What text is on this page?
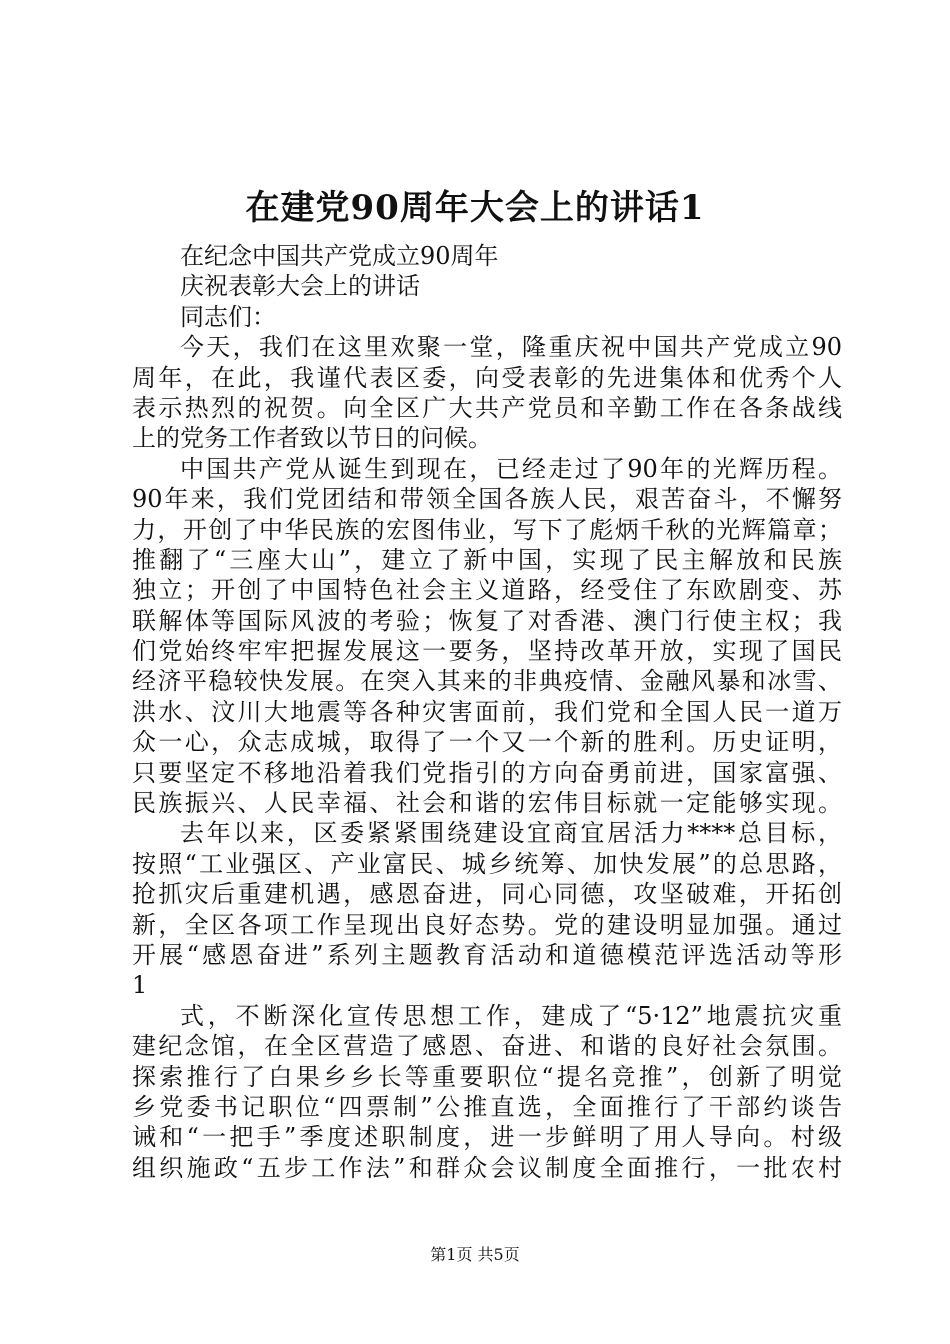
在建党90周年大会上的讲话1
在纪念中国共产党成立90周年
庆祝表彰大会上的讲话
同志们：
今天，我们在这里欢聚一堂，隆重庆祝中国共产党成立90
周年，在此，我谨代表区委，向受表彰的先进集体和优秀个人
表示热烈的祝贺。向全区广大共产党员和辛勤工作在各条战线
上的党务工作者致以节日的问候。
中国共产党从诞生到现在，已经走过了90年的光辉历程。
90年来，我们党团结和带领全国各族人民，艰苦奋斗，不懈努
力，开创了中华民族的宏图伟业，写下了彪炳千秋的光辉篇章；
推翻了“三座大山”，建立了新中国，实现了民主解放和民族
独立；开创了中国特色社会主义道路，经受住了东欧剧变、苏
联解体等国际风波的考验；恢复了对香港、澳门行使主权；我
们党始终牢牢把握发展这一要务，坚持改革开放，实现了国民
经济平稳较快发展。在突入其来的非典疫情、金融风暴和冰雪、
洪水、汶川大地震等各种灾害面前，我们党和全国人民一道万
众一心，众志成城，取得了一个又一个新的胜利。历史证明，
只要坚定不移地沿着我们党指引的方向奋勇前进，国家富强、
民族振兴、人民幸福、社会和谐的宏伟目标就一定能够实现。
去年以来，区委紧紧围绕建设宜商宜居活力****总目标，
按照“工业强区、产业富民、城乡统筹、加快发展”的总思路，
抢抓灾后重建机遇，感恩奋进，同心同德，攻坚破难，开拓创
新，全区各项工作呈现出良好态势。党的建设明显加强。通过
开展“感恩奋进”系列主题教育活动和道德模范评选活动等形
1
式，不断深化宣传思想工作，建成了“5·12”地震抗灾重
建纪念馆，在全区营造了感恩、奋进、和谐的良好社会氛围。
探索推行了白果乡乡长等重要职位“提名竞推”，创新了明觉
乡党委书记职位“四票制”公推直选，全面推行了干部约谈告
诫和“一把手”季度述职制度，进一步鲜明了用人导向。村级
组织施政“五步工作法”和群众会议制度全面推行，一批农村
第1页 共5页
